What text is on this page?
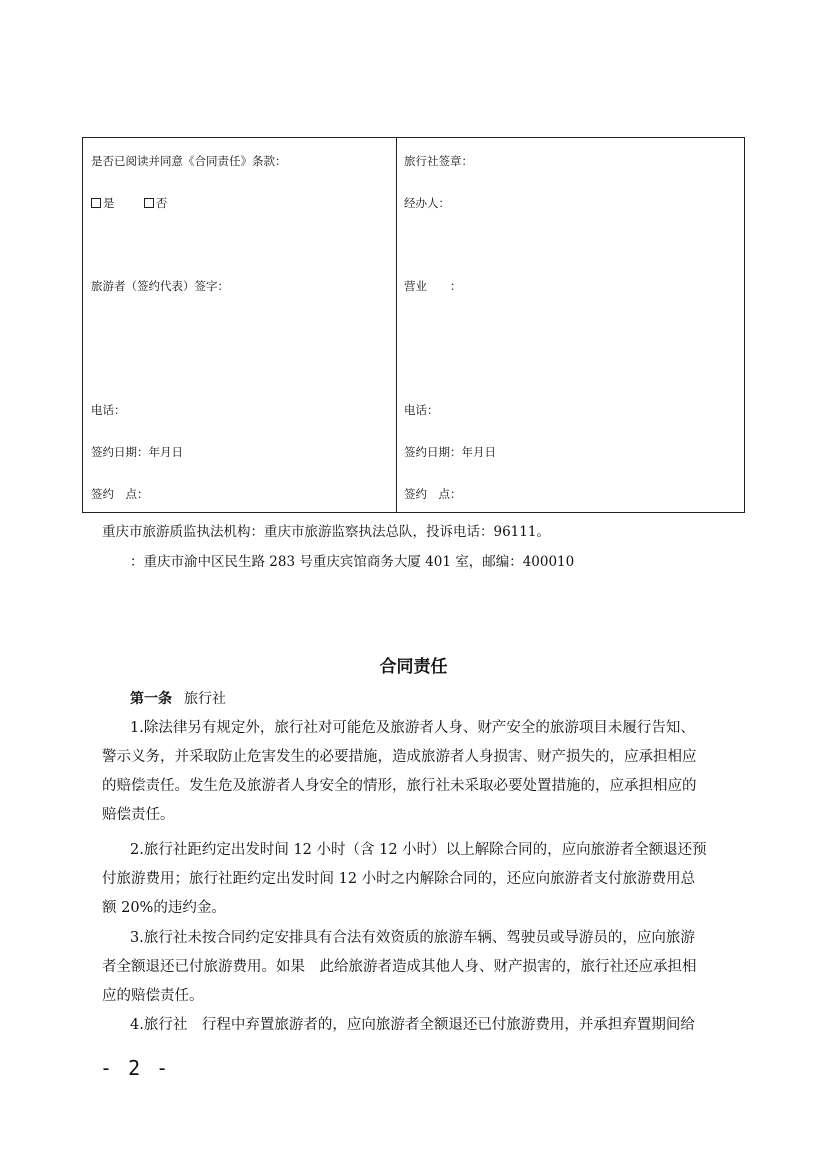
是否已阅读并同意《合同责任》条款：
是	否
旅游者（签约代表）签字：
电话：
签约日期：年月日
签约　点：
旅行社签章：
经办人：
营业　　：
电话：
签约日期：年月日
签约　点：
重庆市旅游质监执法机构：重庆市旅游监察执法总队，投诉电话：96111。
：重庆市渝中区民生路 283 号重庆宾馆商务大厦 401 室，邮编：400010
合同责任
第一条 旅行社
1.除法律另有规定外，旅行社对可能危及旅游者人身、财产安全的旅游项目未履行告知、
警示义务，并采取防止危害发生的必要措施，造成旅游者人身损害、财产损失的，应承担相应
的赔偿责任。发生危及旅游者人身安全的情形，旅行社未采取必要处置措施的，应承担相应的
赔偿责任。
2.旅行社距约定出发时间 12 小时（含 12 小时）以上解除合同的，应向旅游者全额退还预
付旅游费用；旅行社距约定出发时间 12 小时之内解除合同的，还应向旅游者支付旅游费用总
额 20%的违约金。
3.旅行社未按合同约定安排具有合法有效资质的旅游车辆、驾驶员或导游员的，应向旅游
者全额退还已付旅游费用。如果　此给旅游者造成其他人身、财产损害的，旅行社还应承担相
应的赔偿责任。
4.旅行社　行程中弃置旅游者的，应向旅游者全额退还已付旅游费用，并承担弃置期间给
- 2 -
